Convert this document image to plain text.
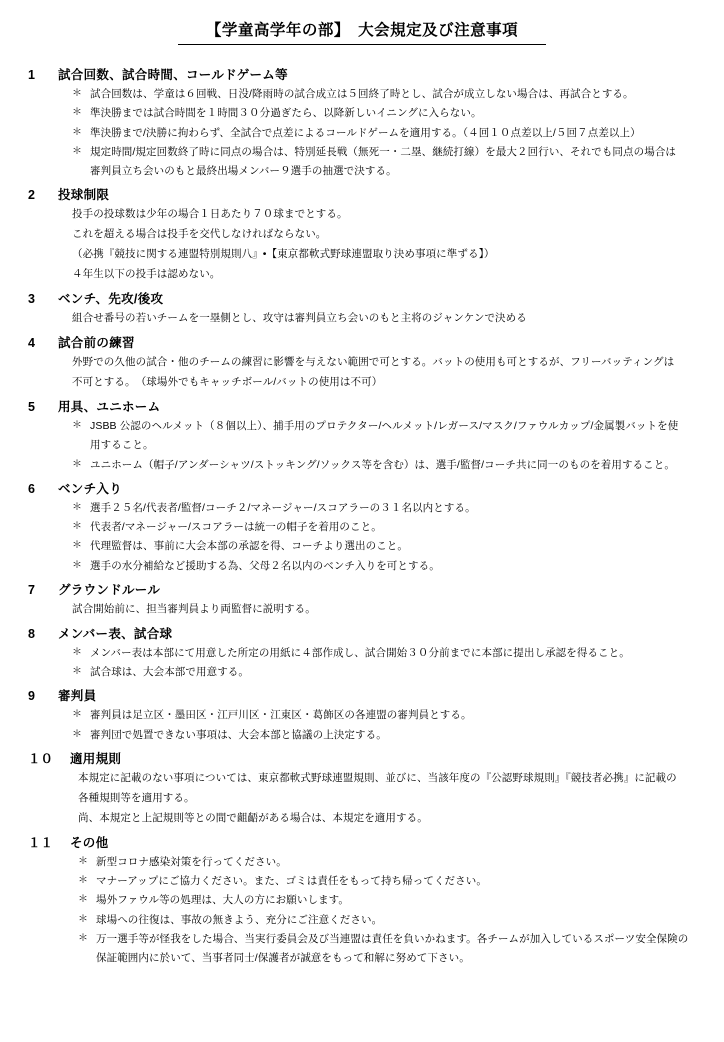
【学童高学年の部】　大会規定及び注意事項
1	試合回数、試合時間、コールドゲーム等
＊ 試合回数は、学童は６回戦、日没/降雨時の試合成立は５回終了時とし、試合が成立しない場合は、再試合とする。
＊ 準決勝までは試合時間を１時間３０分過ぎたら、以降新しいイニングに入らない。
＊ 準決勝まで/決勝に拘わらず、全試合で点差によるコールドゲームを適用する。（４回１０点差以上/５回７点差以上）
＊ 規定時間/規定回数終了時に同点の場合は、特別延長戦（無死一・二塁、継続打線）を最大２回行い、それでも同点の場合は
審判員立ち会いのもと最終出場メンバー９選手の抽選で決する。
2	投球制限
投手の投球数は少年の場合１日あたり７０球までとする。
これを超える場合は投手を交代しなければならない。
（必携『競技に関する連盟特別規則八』•【東京都軟式野球連盟取り決め事項に準ずる】）
４年生以下の投手は認めない。
3	ベンチ、先攻/後攻
組合せ番号の若いチームを一塁側とし、攻守は審判員立ち会いのもと主将のジャンケンで決める
4	試合前の練習
外野での久他の試合・他のチームの練習に影響を与えない範囲で可とする。バットの使用も可とするが、フリーバッティングは
不可とする。　（球場外でもキャッチボール/バットの使用は不可）
5	用具、ユニホーム
＊ JSBB 公認のヘルメット（８個以上）、捕手用のプロテクター/ヘルメット/レガース/マスク/ファウルカップ/金属製バットを使
用すること。
＊ ユニホーム（帽子/アンダーシャツ/ストッキング/ソックス等を含む）は、選手/監督/コーチ共に同一のものを着用すること。
6	ベンチ入り
＊ 選手２５名/代表者/監督/コーチ２/マネージャー/スコアラーの３１名以内とする。
＊ 代表者/マネージャー/スコアラーは統一の帽子を着用のこと。
＊ 代理監督は、事前に大会本部の承認を得、コーチより選出のこと。
＊ 選手の水分補給など援助する為、父母２名以内のベンチ入りを可とする。
7	グラウンドルール
試合開始前に、担当審判員より両監督に説明する。
8	メンバー表、試合球
＊ メンバー表は本部にて用意した所定の用紙に４部作成し、試合開始３０分前までに本部に提出し承認を得ること。
＊ 試合球は、大会本部で用意する。
9	審判員
＊ 審判員は足立区・墨田区・江戸川区・江東区・葛飾区の各連盟の審判員とする。
＊ 審判団で処置できない事項は、大会本部と協議の上決定する。
１０	適用規則
本規定に記載のない事項については、東京都軟式野球連盟規則、並びに、当該年度の『公認野球規則』『競技者必携』に記載の
各種規則等を適用する。
尚、本規定と上記規則等との間で齟齬がある場合は、本規定を適用する。
１１	その他
＊ 新型コロナ感染対策を行ってください。
＊ マナーアップにご協力ください。また、ゴミは責任をもって持ち帰ってください。
＊ 場外ファウル等の処理は、大人の方にお願いします。
＊ 球場への往復は、事故の無きよう、充分にご注意ください。
＊ 万一選手等が怪我をした場合、当実行委員会及び当連盟は責任を負いかねます。各チームが加入しているスポーツ安全保険の
保証範囲内に於いて、当事者同士/保護者が誠意をもって和解に努めて下さい。
